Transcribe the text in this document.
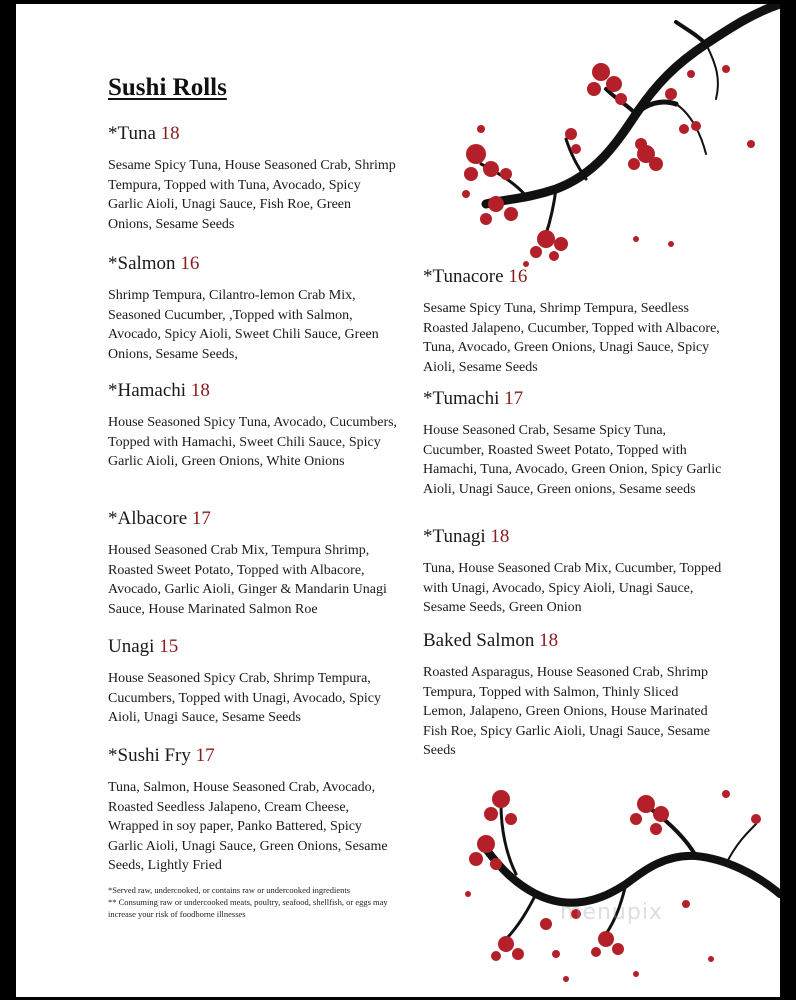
Sushi Rolls

*Tuna 18

Sesame Spicy Tuna, House Seasoned Crab, Shrimp Tempura, Topped with Tuna, Avocado, Spicy Garlic Aioli, Unagi Sauce, Fish Roe, Green Onions, Sesame Seeds

*Salmon 16

Shrimp Tempura, Cilantro-lemon Crab Mix, Seasoned Cucumber, ,Topped with Salmon, Avocado, Spicy Aioli, Sweet Chili Sauce, Green Onions, Sesame Seeds,

*Hamachi 18

House Seasoned Spicy Tuna, Avocado, Cucumbers, Topped with Hamachi, Sweet Chili Sauce, Spicy Garlic Aioli, Green Onions, White Onions

*Albacore 17

Housed Seasoned Crab Mix, Tempura Shrimp, Roasted Sweet Potato, Topped with Albacore, Avocado, Garlic Aioli, Ginger & Mandarin Unagi Sauce, House Marinated Salmon Roe

Unagi 15

House Seasoned Spicy Crab, Shrimp Tempura, Cucumbers, Topped with Unagi, Avocado, Spicy Aioli, Unagi Sauce, Sesame Seeds

*Sushi Fry 17

Tuna, Salmon, House Seasoned Crab, Avocado, Roasted Seedless Jalapeno, Cream Cheese, Wrapped in soy paper, Panko Battered, Spicy Garlic Aioli, Unagi Sauce, Green Onions, Sesame Seeds, Lightly Fried

*Tunacore 16

Sesame Spicy Tuna, Shrimp Tempura, Seedless Roasted Jalapeno, Cucumber, Topped with Albacore, Tuna, Avocado, Green Onions, Unagi Sauce, Spicy Aioli, Sesame Seeds

*Tumachi 17

House Seasoned Crab, Sesame Spicy Tuna, Cucumber, Roasted Sweet Potato, Topped with Hamachi, Tuna, Avocado, Green Onion, Spicy Garlic Aioli, Unagi Sauce, Green onions, Sesame seeds

*Tunagi 18

Tuna, House Seasoned Crab Mix, Cucumber, Topped with Unagi, Avocado, Spicy Aioli, Unagi Sauce, Sesame Seeds, Green Onion

Baked Salmon 18

Roasted Asparagus, House Seasoned Crab, Shrimp Tempura, Topped with Salmon, Thinly Sliced Lemon, Jalapeno, Green Onions, House Marinated Fish Roe, Spicy Garlic Aioli, Unagi Sauce, Sesame Seeds

*Served raw, undercooked, or contains raw or undercooked ingredients

** Consuming raw or undercooked meats, poultry, seafood, shellfish, or eggs may increase your risk of foodborne illnesses	menupix
